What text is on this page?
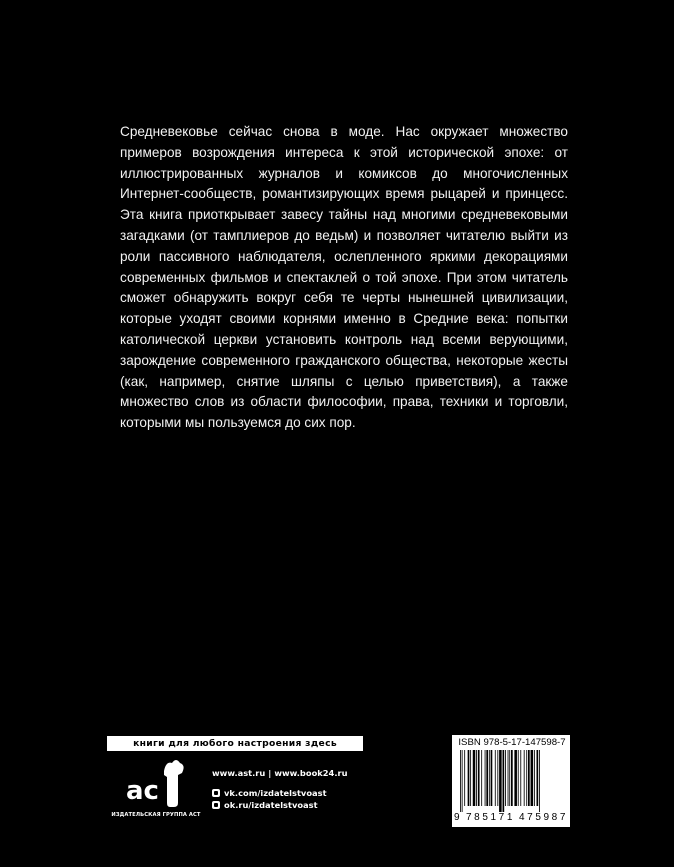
Средневековье сейчас снова в моде. Нас окружает множество примеров возрождения интереса к этой исторической эпохе: от иллюстрированных журналов и комиксов до многочисленных Интернет-сообществ, романтизирующих время рыцарей и принцесс. Эта книга приоткрывает завесу тайны над многими средневековыми загадками (от тамплиеров до ведьм) и позволяет читателю выйти из роли пассивного наблюдателя, ослепленного яркими декорациями современных фильмов и спектаклей о той эпохе. При этом читатель сможет обнаружить вокруг себя те черты нынешней цивилизации, которые уходят своими корнями именно в Средние века: попытки католической церкви установить контроль над всеми верующими, зарождение современного гражданского общества, некоторые жесты (как, например, снятие шляпы с целью приветствия), а также множество слов из области философии, права, техники и торговли, которыми мы пользуемся до сих пор.

книги для любого настроения здесь
ac
ИЗДАТЕЛЬСКАЯ ГРУППА АСТ
www.ast.ru | www.book24.ru
vk.com/izdatelstvoast
ok.ru/izdatelstvoast
ISBN 978-5-17-147598-7
9 785171 475987
